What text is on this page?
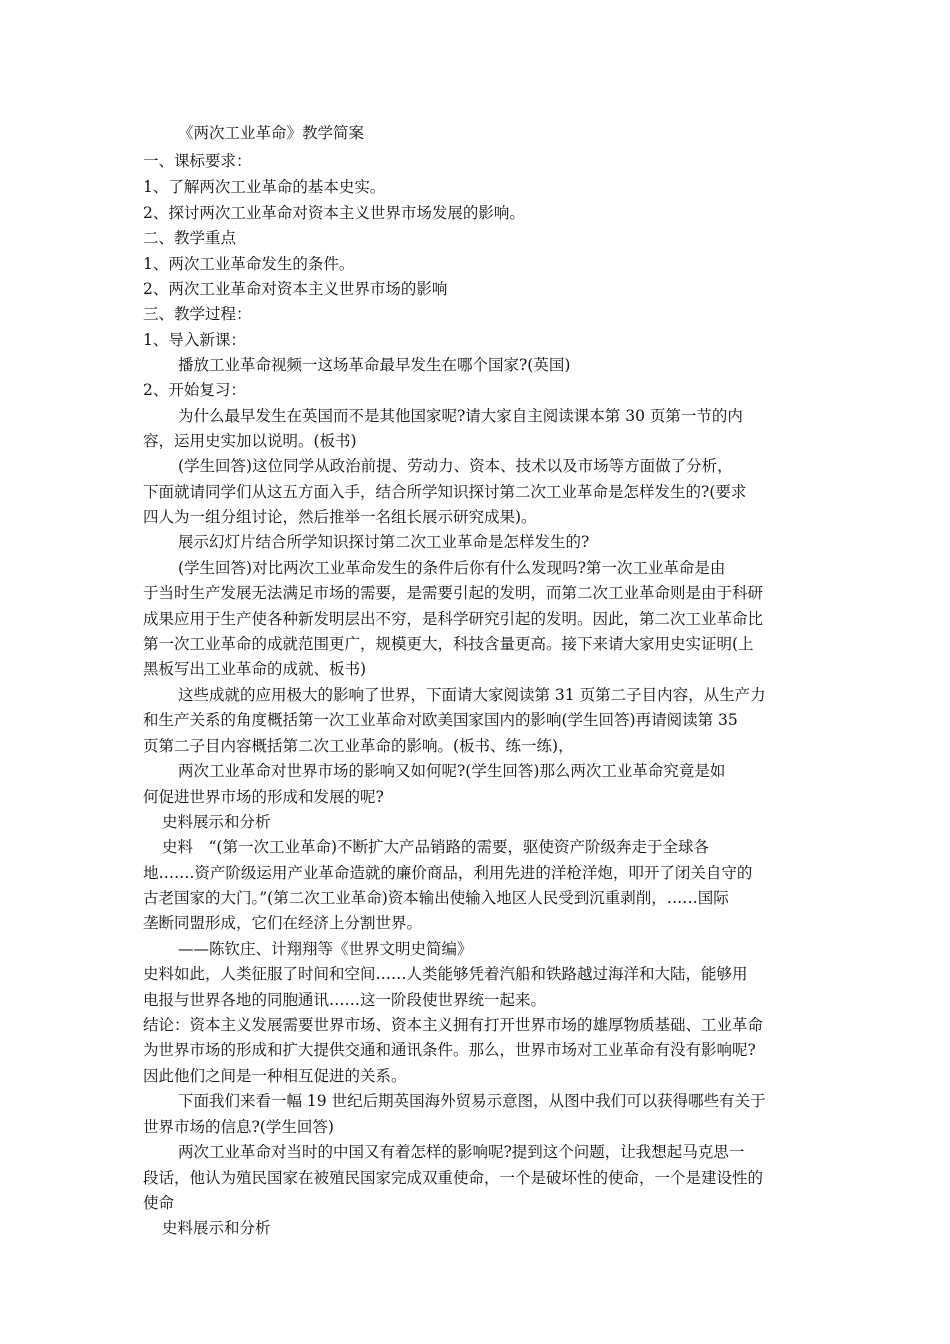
《两次工业革命》教学简案
一、课标要求：
1、了解两次工业革命的基本史实。
2、探讨两次工业革命对资本主义世界市场发展的影响。
二、教学重点
1、两次工业革命发生的条件。
2、两次工业革命对资本主义世界市场的影响
三、教学过程：
1、导入新课：
播放工业革命视频一这场革命最早发生在哪个国家?(英国)
2、开始复习：
为什么最早发生在英国而不是其他国家呢?请大家自主阅读课本第 30 页第一节的内
容，运用史实加以说明。(板书)
(学生回答)这位同学从政治前提、劳动力、资本、技术以及市场等方面做了分析，
下面就请同学们从这五方面入手，结合所学知识探讨第二次工业革命是怎样发生的?(要求
四人为一组分组讨论，然后推举一名组长展示研究成果)。
展示幻灯片结合所学知识探讨第二次工业革命是怎样发生的?
(学生回答)对比两次工业革命发生的条件后你有什么发现吗?第一次工业革命是由
于当时生产发展无法满足市场的需要，是需要引起的发明，而第二次工业革命则是由于科研
成果应用于生产使各种新发明层出不穷，是科学研究引起的发明。因此，第二次工业革命比
第一次工业革命的成就范围更广，规模更大，科技含量更高。接下来请大家用史实证明(上
黑板写出工业革命的成就、板书)
这些成就的应用极大的影响了世界，下面请大家阅读第 31 页第二子目内容，从生产力
和生产关系的角度概括第一次工业革命对欧美国家国内的影响(学生回答)再请阅读第 35
页第二子目内容概括第二次工业革命的影响。(板书、练一练)，
两次工业革命对世界市场的影响又如何呢?(学生回答)那么两次工业革命究竟是如
何促进世界市场的形成和发展的呢?
史料展示和分析
史料　“(第一次工业革命)不断扩大产品销路的需要，驱使资产阶级奔走于全球各
地…….资产阶级运用产业革命造就的廉价商品，利用先进的洋枪洋炮，叩开了闭关自守的
古老国家的大门。”(第二次工业革命)资本输出使输入地区人民受到沉重剥削，……国际
垄断同盟形成，它们在经济上分割世界。
——陈钦庄、计翔翔等《世界文明史简编》
史料如此，人类征服了时间和空间……人类能够凭着汽船和铁路越过海洋和大陆，能够用
电报与世界各地的同胞通讯……这一阶段使世界统一起来。
结论：资本主义发展需要世界市场、资本主义拥有打开世界市场的雄厚物质基础、工业革命
为世界市场的形成和扩大提供交通和通讯条件。那么，世界市场对工业革命有没有影响呢?
因此他们之间是一种相互促进的关系。
下面我们来看一幅 19 世纪后期英国海外贸易示意图，从图中我们可以获得哪些有关于
世界市场的信息?(学生回答)
两次工业革命对当时的中国又有着怎样的影响呢?提到这个问题，让我想起马克思一
段话，他认为殖民国家在被殖民国家完成双重使命，一个是破坏性的使命，一个是建设性的
使命
史料展示和分析
